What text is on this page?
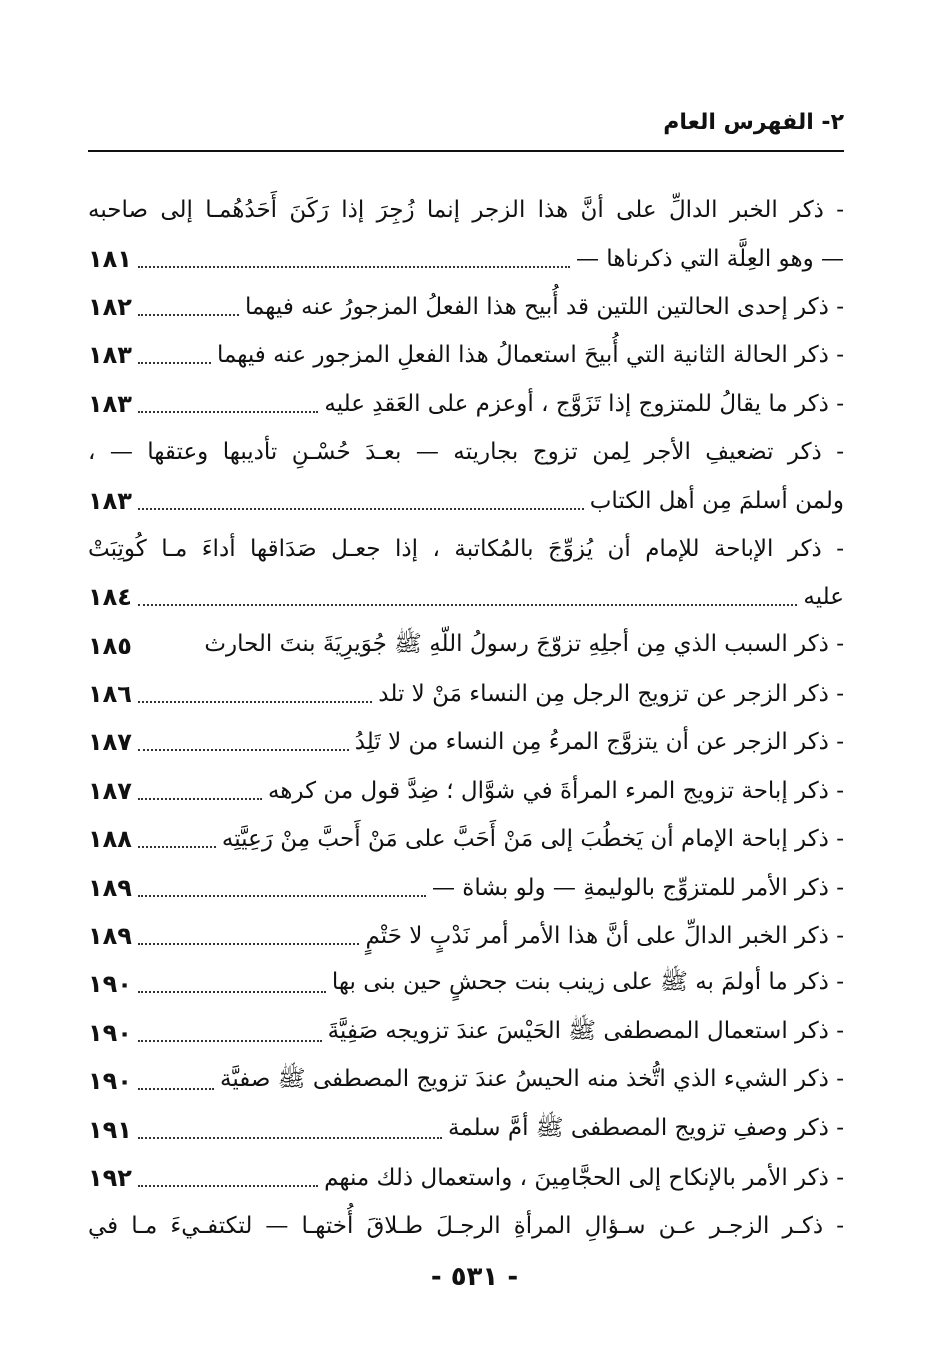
٢- الفهرس العام
- ذكر الخبر الدالِّ على أنَّ هذا الزجر إنما زُجِرَ إذا رَكَنَ أَحَدُهُمـا إلى صاحبه
— وهو العِلَّة التي ذكرناها —
١٨١
- ذكر إحدى الحالتين اللتين قد أُبيح هذا الفعلُ المزجورُ عنه فيهما
١٨٢
- ذكر الحالة الثانية التي أُبيحَ استعمالُ هذا الفعلِ المزجور عنه فيهما
١٨٣
- ذكر ما يقالُ للمتزوج إذا تَزَوَّج ، أوعزم على العَقدِ عليه
١٨٣
- ذكر تضعيفِ الأجر لِمن تزوج بجاريته — بعـدَ حُسْـنِ تأديبها وعتقها — ،
ولمن أسلمَ مِن أهل الكتاب
١٨٣
- ذكر الإباحة للإمام أن يُزوِّجَ بالمُكاتبة ، إذا جعـل صَدَاقها أداءَ مـا كُوتِبَتْ
عليه
١٨٤
- ذكر السبب الذي مِن أجلِهِ تزوّجَ رسولُ اللّهِ ﷺ جُوَيرِيَةَ بنتَ الحارث
١٨٥
- ذكر الزجر عن تزويج الرجل مِن النساء مَنْ لا تلد
١٨٦
- ذكر الزجر عن أن يتزوَّج المرءُ مِن النساء من لا تَلِدُ
١٨٧
- ذكر إباحة تزويج المرء المرأةَ في شوَّال ؛ ضِدَّ قول من كرهه
١٨٧
- ذكر إباحة الإمام أن يَخطُبَ إلى مَنْ أَحَبَّ على مَنْ أَحبَّ مِنْ رَعِيَّتِه
١٨٨
- ذكر الأمر للمتزوِّج بالوليمةِ — ولو بشاة —
١٨٩
- ذكر الخبر الدالِّ على أنَّ هذا الأمر أمر نَدْبٍ لا حَتْمٍ
١٨٩
- ذكر ما أولمَ به ﷺ على زينب بنت جحشٍ حين بنى بها
١٩٠
- ذكر استعمال المصطفى ﷺ الحَيْسَ عندَ تزويجه صَفِيَّةَ
١٩٠
- ذكر الشيء الذي اتُّخذ منه الحيسُ عندَ تزويج المصطفى ﷺ صفيَّة
١٩٠
- ذكر وصفِ تزويج المصطفى ﷺ أمَّ سلمة
١٩١
- ذكر الأمر بالإنكاح إلى الحجَّامِينَ ، واستعمال ذلك منهم
١٩٢
- ذكـر الزجـر عـن سـؤالِ المرأةِ الرجـلَ طـلاقَ أُختهـا — لتكتفـيءَ مـا في
- ٥٣١ -
